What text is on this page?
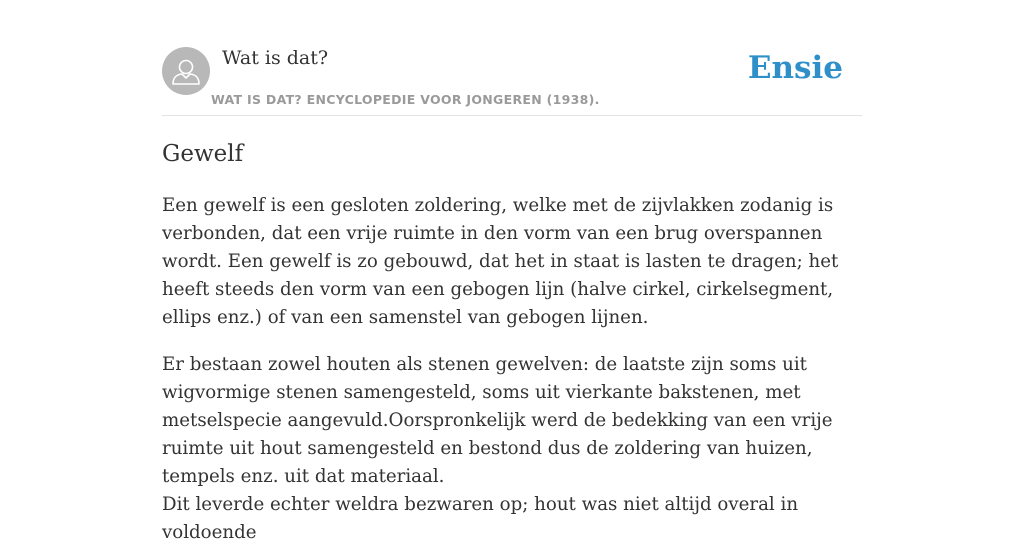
Wat is dat?
WAT IS DAT? ENCYCLOPEDIE VOOR JONGEREN (1938).
Ensie
Gewelf

Een gewelf is een gesloten zoldering, welke met de zijvlakken zodanig is verbonden, dat een vrije ruimte in den vorm van een brug overspannen wordt. Een gewelf is zo gebouwd, dat het in staat is lasten te dragen; het heeft steeds den vorm van een gebogen lijn (halve cirkel, cirkelsegment, ellips enz.) of van een samenstel van gebogen lijnen.

Er bestaan zowel houten als stenen gewelven: de laatste zijn soms uit wigvormige stenen samengesteld, soms uit vierkante bakstenen, met metselspecie aangevuld.Oorspronkelijk werd de bedekking van een vrije ruimte uit hout samengesteld en bestond dus de zoldering van huizen, tempels enz. uit dat materiaal.

Dit leverde echter weldra bezwaren op; hout was niet altijd overal in voldoende
